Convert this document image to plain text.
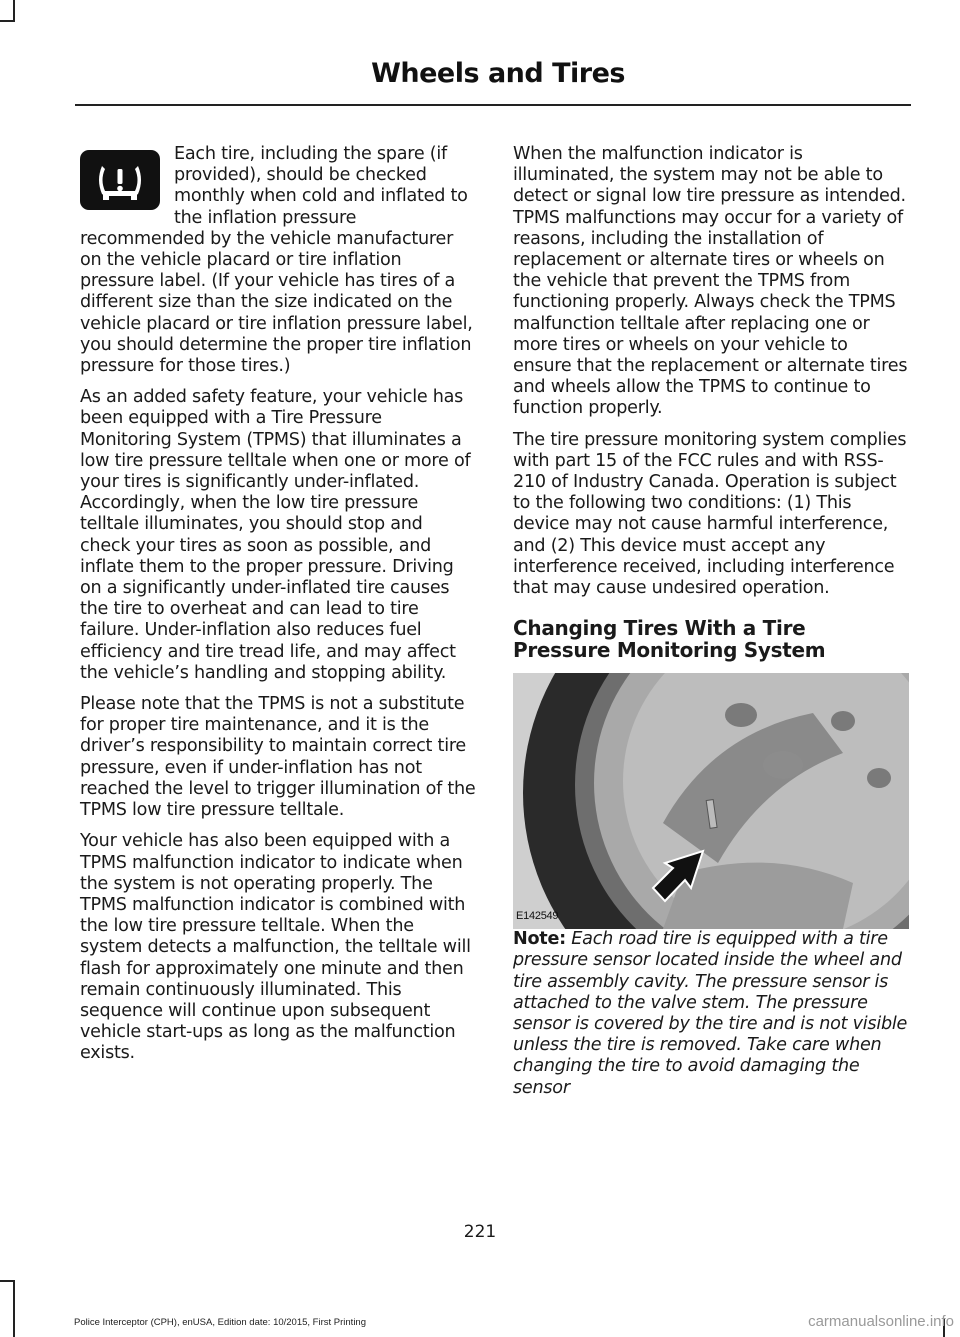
Wheels and Tires

Each tire, including the spare (if provided), should be checked monthly when cold and inflated to the inflation pressure recommended by the vehicle manufacturer on the vehicle placard or tire inflation pressure label. (If your vehicle has tires of a different size than the size indicated on the vehicle placard or tire inflation pressure label, you should determine the proper tire inflation pressure for those tires.)

As an added safety feature, your vehicle has been equipped with a Tire Pressure Monitoring System (TPMS) that illuminates a low tire pressure telltale when one or more of your tires is significantly under-inflated. Accordingly, when the low tire pressure telltale illuminates, you should stop and check your tires as soon as possible, and inflate them to the proper pressure. Driving on a significantly under-inflated tire causes the tire to overheat and can lead to tire failure. Under-inflation also reduces fuel efficiency and tire tread life, and may affect the vehicle’s handling and stopping ability.

Please note that the TPMS is not a substitute for proper tire maintenance, and it is the driver’s responsibility to maintain correct tire pressure, even if under-inflation has not reached the level to trigger illumination of the TPMS low tire pressure telltale.

Your vehicle has also been equipped with a TPMS malfunction indicator to indicate when the system is not operating properly. The TPMS malfunction indicator is combined with the low tire pressure telltale. When the system detects a malfunction, the telltale will flash for approximately one minute and then remain continuously illuminated. This sequence will continue upon subsequent vehicle start-ups as long as the malfunction exists.

When the malfunction indicator is illuminated, the system may not be able to detect or signal low tire pressure as intended. TPMS malfunctions may occur for a variety of reasons, including the installation of replacement or alternate tires or wheels on the vehicle that prevent the TPMS from functioning properly. Always check the TPMS malfunction telltale after replacing one or more tires or wheels on your vehicle to ensure that the replacement or alternate tires and wheels allow the TPMS to continue to function properly.

The tire pressure monitoring system complies with part 15 of the FCC rules and with RSS-210 of Industry Canada. Operation is subject to the following two conditions: (1) This device may not cause harmful interference, and (2) This device must accept any interference received, including interference that may cause undesired operation.

Changing Tires With a Tire Pressure Monitoring System
E142549

Note: Each road tire is equipped with a tire pressure sensor located inside the wheel and tire assembly cavity. The pressure sensor is attached to the valve stem. The pressure sensor is covered by the tire and is not visible unless the tire is removed. Take care when changing the tire to avoid damaging the sensor

221
Police Interceptor (CPH), enUSA, Edition date: 10/2015, First Printing	carmanualsonline.info
